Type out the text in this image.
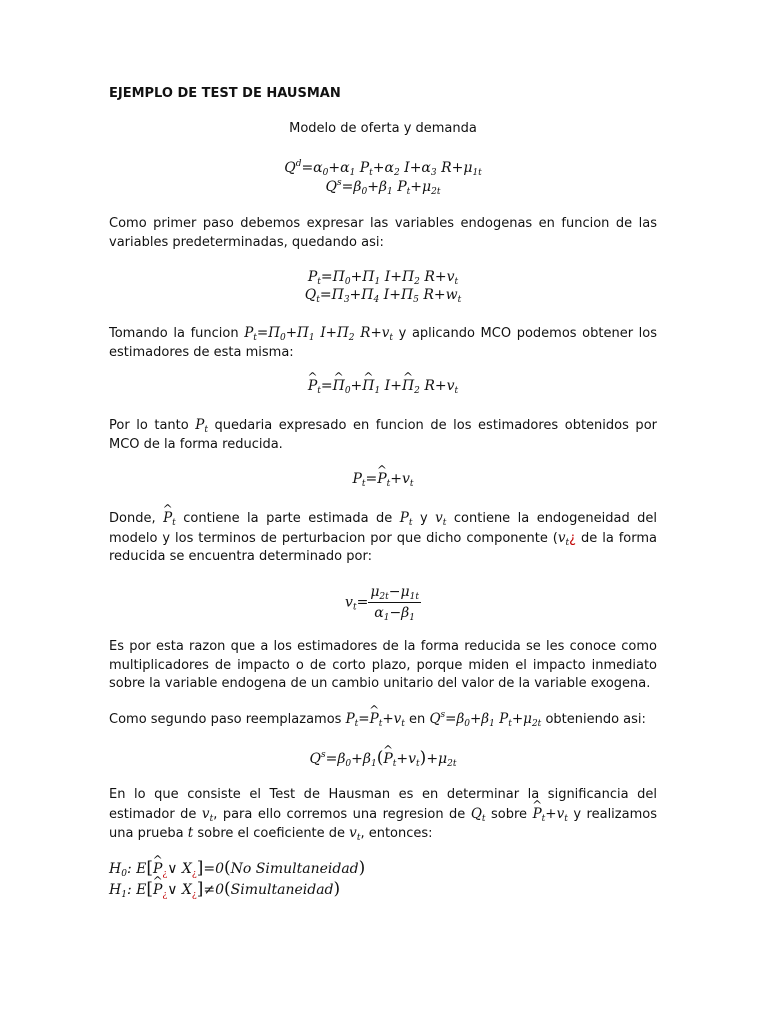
EJEMPLO DE TEST DE HAUSMAN
Modelo de oferta y demanda
$Q^d=\alpha_0+\alpha_1$ $P_t+\alpha_2$ $I+\alpha_3$ $R+\mu_{1t}$
$Q^s=\beta_0+\beta_1$ $P_t+\mu_{2t}$
Como primer paso debemos expresar las variables endogenas en funcion de las variables predeterminadas, quedando asi:
$P_t=\Pi_0+\Pi_1$ $I+\Pi_2$ $R+v_t$
$Q_t=\Pi_3+\Pi_4$ $I+\Pi_5$ $R+w_t$
Tomando la funcion $P_t=\Pi_0+\Pi_1$ $I+\Pi_2$ $R+v_t$ y aplicando MCO podemos obtener los estimadores de esta misma:
^ $P_t=\^{}$ $\Pi_0+\^{}$ $\Pi_1$ I+^ $\Pi_2$ $R+v_t$
Por lo tanto $P_t$ quedaria expresado en funcion de los estimadores obtenidos por MCO de la forma reducida.
$P_t=\^{}$ $P_t+v_t$
Donde, ^ $P_t$ contiene la parte estimada de $P_t$ y $v_t$ contiene la endogeneidad del modelo y los terminos de perturbacion por que dicho componente ($v_t¿$ de la forma reducida se encuentra determinado por:
$v_t= \frac{\mu_{2t}-\mu_{1t}}{\alpha_1-\beta_1}$
Es por esta razon que a los estimadores de la forma reducida se les conoce como multiplicadores de impacto o de corto plazo, porque miden el impacto inmediato sobre la variable endogena de un cambio unitario del valor de la variable exogena.
Como segundo paso reemplazamos $P_t=\^{}$ $P_t+v_t$ en $Q^s=\beta_0+\beta_1$ $P_t+\mu_{2t}$ obteniendo asi:
$Q^s=\beta_0+\beta_1(\^{}$ $P_t+v_t)+\mu_{2t}$
En lo que consiste el Test de Hausman es en determinar la significancia del estimador de $v_t$, para ello corremos una regresion de $Q_t$ sobre ^ $P_t+v_t$ y realizamos una prueba t sobre el coeficiente de $v_t$, entonces:
$H_0$: E[^ $P_¿\vee$ $X_¿]=0(No$ Simultaneidad)
$H_1$: E[^ $P_¿\vee$ $X_¿]\ne 0(Simultaneidad)$
